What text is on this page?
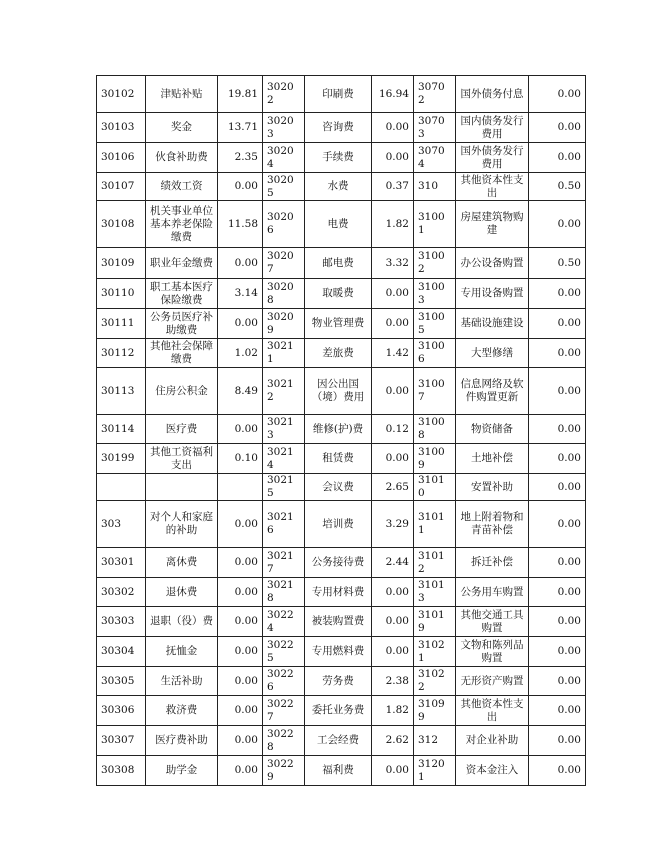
30102	津贴补贴	19.81	30202	印刷费	16.94	30702	国外债务付息	0.00
30103	奖金	13.71	30203	咨询费	0.00	30703	国内债务发行费用	0.00
30106	伙食补助费	2.35	30204	手续费	0.00	30704	国外债务发行费用	0.00
30107	绩效工资	0.00	30205	水费	0.37	310	其他资本性支出	0.50
30108	机关事业单位基本养老保险缴费	11.58	30206	电费	1.82	31001	房屋建筑物购建	0.00
30109	职业年金缴费	0.00	30207	邮电费	3.32	31002	办公设备购置	0.50
30110	职工基本医疗保险缴费	3.14	30208	取暖费	0.00	31003	专用设备购置	0.00
30111	公务员医疗补助缴费	0.00	30209	物业管理费	0.00	31005	基础设施建设	0.00
30112	其他社会保障缴费	1.02	30211	差旅费	1.42	31006	大型修缮	0.00
30113	住房公积金	8.49	30212	因公出国（境）费用	0.00	31007	信息网络及软件购置更新	0.00
30114	医疗费	0.00	30213	维修(护)费	0.12	31008	物资储备	0.00
30199	其他工资福利支出	0.10	30214	租赁费	0.00	31009	土地补偿	0.00
			30215	会议费	2.65	31010	安置补助	0.00
303	对个人和家庭的补助	0.00	30216	培训费	3.29	31011	地上附着物和青苗补偿	0.00
30301	离休费	0.00	30217	公务接待费	2.44	31012	拆迁补偿	0.00
30302	退休费	0.00	30218	专用材料费	0.00	31013	公务用车购置	0.00
30303	退职（役）费	0.00	30224	被装购置费	0.00	31019	其他交通工具购置	0.00
30304	抚恤金	0.00	30225	专用燃料费	0.00	31021	文物和陈列品购置	0.00
30305	生活补助	0.00	30226	劳务费	2.38	31022	无形资产购置	0.00
30306	救济费	0.00	30227	委托业务费	1.82	31099	其他资本性支出	0.00
30307	医疗费补助	0.00	30228	工会经费	2.62	312	对企业补助	0.00
30308	助学金	0.00	30229	福利费	0.00	31201	资本金注入	0.00
